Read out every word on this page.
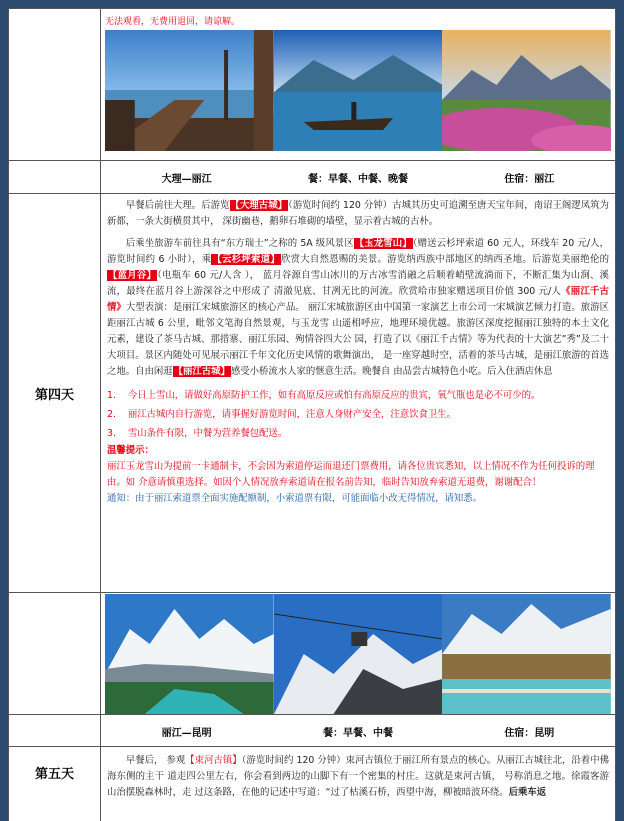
无法观看，无费用退回，请谅解。
大理—丽江	餐：早餐、中餐、晚餐	住宿：丽江
第四天

早餐后前往大理。后游览【大理古城】（游览时间约 120 分钟）古城其历史可追溯至唐天宝年间，南诏王阁逻凤筑为新都，一条大街横贯其中， 深街幽巷，鹅卵石堆砌的墙壁，显示着古城的古朴。

后乘坐旅游车前往具有“东方瑞士”之称的 5A 级风景区【玉龙雪山】（赠送云杉坪索道 60 元人，环线车 20 元/人，游览时间约 6 小时），乘【云杉坪索道】欣赏大自然恩赐的美景。游览纳西族中部地区的纳西圣地。后游览美丽绝伦的【蓝月谷】（电瓶车 60 元/人含 ）， 蓝月谷源自雪山冰川的万古冰雪消融之后顺着峭壁流淌而下，不断汇集为山涧、溪流，最终在蓝月谷上游深谷之中形成了 清澈见底、甘冽无比的河流。欣赏哈市独家赠送项目价值 300 元/人《丽江千古情》大型表演：是丽江宋城旅游区的核心产品。 丽江宋城旅游区由中国第一家演艺上市公司一宋城演艺倾力打造。旅游区距丽江古城 6 公里，毗邻文笔海自然景观，与玉龙雪 山遥相呼应，地理环境优越。旅游区深度挖掘丽江独特的本土文化元素，建设了茶马古城、那措寨、丽江乐园、殉情谷四大公 园，打造了以《丽江千古情》等为代表的十大演艺”秀”及二十大项目。景区内随处可见展示丽江千年文化历史风情的歌舞演出， 是一座穿越时空，活着的茶马古城，是丽江旅游的首选之地。自由闲逛【丽江古城】感受小桥流水人家的惬意生活。晚餐自 由品尝古城特色小吃。后入住酒店休息

1. 今日上雪山，请做好高原防护工作，如有高原反应或怕有高原反应的贵宾，氧气瓶也是必不可少的。
2. 丽江古城内自行游览，请事握好游览时间，注意人身财产安全，注意饮食卫生。
3. 雪山条件有限，中餐为营养餐包配送。
温馨提示：
丽江玉龙雪山为提前一卡通制卡，不会因为索道停运而退还门票费用，请各位贵宾悉知，以上情况不作为任何投诉的理由。如 介意请慎重选择。如因个人情况放弃索道请在报名前告知，临时告知放弃索道无退费，谢谢配合！
通知：由于丽江索道票全面实施配额制，小索道票有限，可能面临小改无得情况，请知悉。
丽江—昆明	餐：早餐、中餐	住宿：昆明
第五天

早餐后， 参观【束河古镇】（游览时间约 120 分钟）束河古镇位于丽江所有景点的核心。从丽江古城往北，沿着中佛海东侧的主干 道走四公里左右，你会看到两边的山脚下有一个密集的村庄。这就是束河古镇， 号称消息之地。徐霞客游山治摆脱森林时，走 过这条路，在他的记述中写道：“过了枯溪石桥，西望中海，柳被暗波环绕。后乘车返
